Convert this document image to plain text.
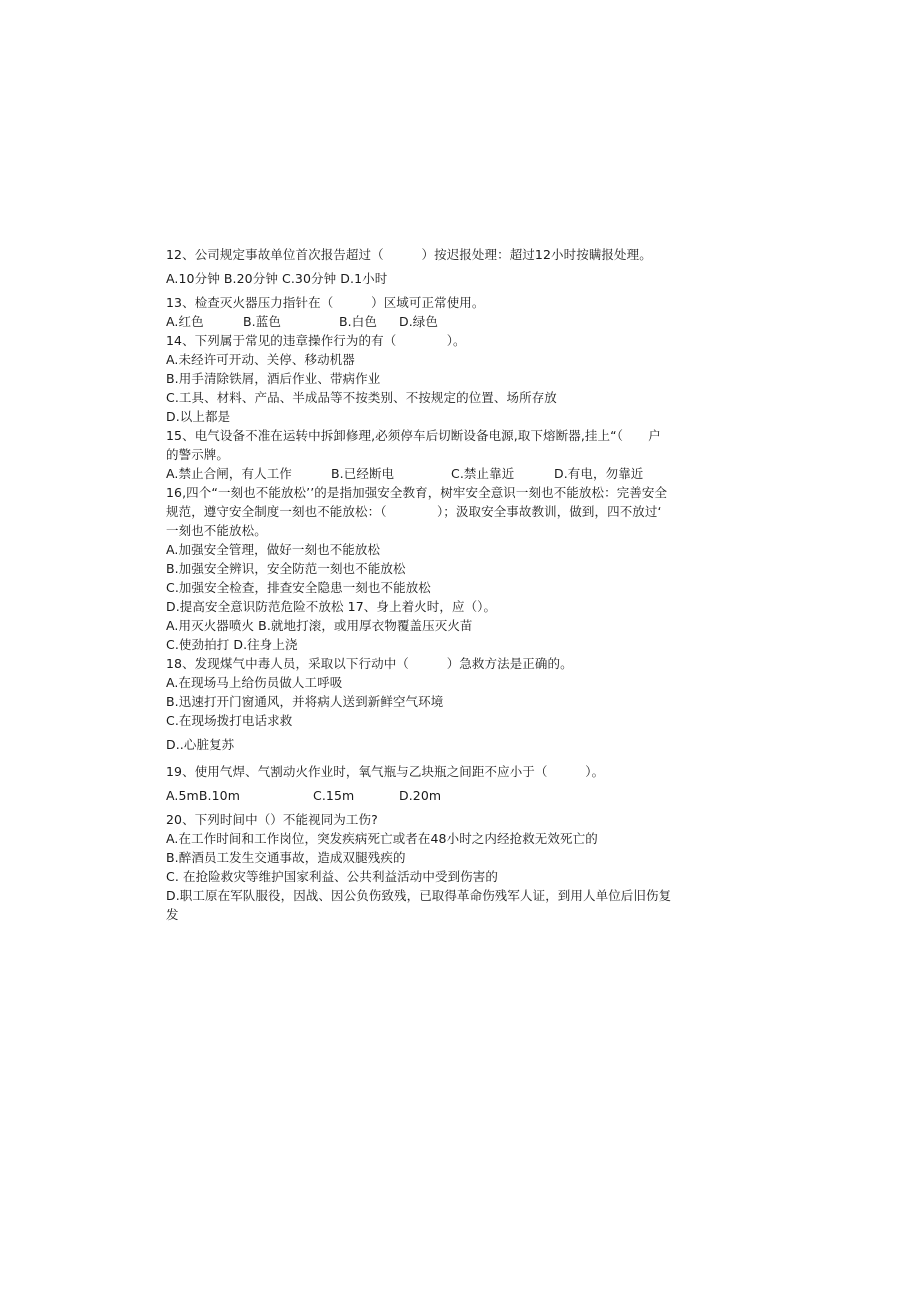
12、公司规定事故单位首次报告超过（　　　）按迟报处理：超过12小时按瞒报处理。
A.10分钟 B.20分钟 C.30分钟 D.1小时
13、检查灭火器压力指针在（　　　）区域可正常使用。
A.红色	B.蓝色	B.白色 D.绿色
14、下列属于常见的违章操作行为的有（　　　　）。
A.未经许可开动、关停、移动机器
B.用手清除铁屑，酒后作业、带病作业
C.工具、材料、产品、半成品等不按类别、不按规定的位置、场所存放
D.以上都是
15、电气设备不准在运转中拆卸修理,必须停车后切断设备电源,取下熔断器,挂上“（　　户
的警示牌。
A.禁止合闸，有人工作	B.已经断电	C.禁止靠近	D.有电，勿靠近
16,四个“一刻也不能放松’’的是指加强安全教育，树牢安全意识一刻也不能放松：完善安全
规范，遵守安全制度一刻也不能放松：（　　　　）；汲取安全事故教训，做到，四不放过‘
一刻也不能放松。
A.加强安全管理，做好一刻也不能放松
B.加强安全辨识，安全防范一刻也不能放松
C.加强安全检查，排查安全隐患一刻也不能放松
D.提高安全意识防范危险不放松 17、身上着火时，应（）。
A.用灭火器喷火 B.就地打滚，或用厚衣物覆盖压灭火苗
C.使劲拍打 D.往身上浇
18、发现煤气中毒人员，采取以下行动中（　　　）急救方法是正确的。
A.在现场马上给伤员做人工呼吸
B.迅速打开门窗通风，并将病人送到新鲜空气环境
C.在现场拨打电话求救
D..心脏复苏
19、使用气焊、气割动火作业时，氧气瓶与乙块瓶之间距不应小于（　　　）。
A.5mB.10m	C.15m	D.20m
20、下列时间中（）不能视同为工伤?
A.在工作时间和工作岗位，突发疾病死亡或者在48小时之内经抢救无效死亡的
B.醉酒员工发生交通事故，造成双腿残疾的
C. 在抢险救灾等维护国家利益、公共利益活动中受到伤害的
D.职工原在军队服役，因战、因公负伤致残，已取得革命伤残军人证，到用人单位后旧伤复
发
